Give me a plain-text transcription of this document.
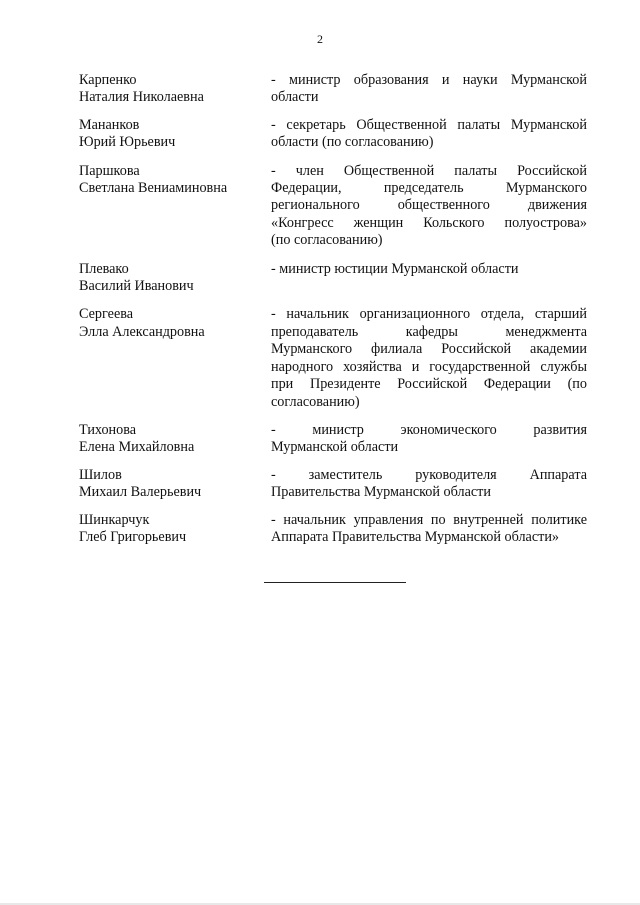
2
Карпенко
Наталия Николаевна
- министр образования и науки Мурманской
области
Мананков
Юрий Юрьевич
- секретарь Общественной палаты Мурманской
области (по согласованию)
Паршкова
Светлана Вениаминовна
- член Общественной палаты Российской
Федерации, председатель Мурманского
регионального общественного движения
«Конгресс женщин Кольского полуострова»
(по согласованию)
Плевако
Василий Иванович
- министр юстиции Мурманской области
Сергеева
Элла Александровна
- начальник организационного отдела, старший
преподаватель кафедры менеджмента
Мурманского филиала Российской академии
народного хозяйства и государственной службы
при Президенте Российской Федерации (по
согласованию)
Тихонова
Елена Михайловна
- министр экономического развития
Мурманской области
Шилов
Михаил Валерьевич
- заместитель руководителя Аппарата
Правительства Мурманской области
Шинкарчук
Глеб Григорьевич
- начальник управления по внутренней политике
Аппарата Правительства Мурманской области»
